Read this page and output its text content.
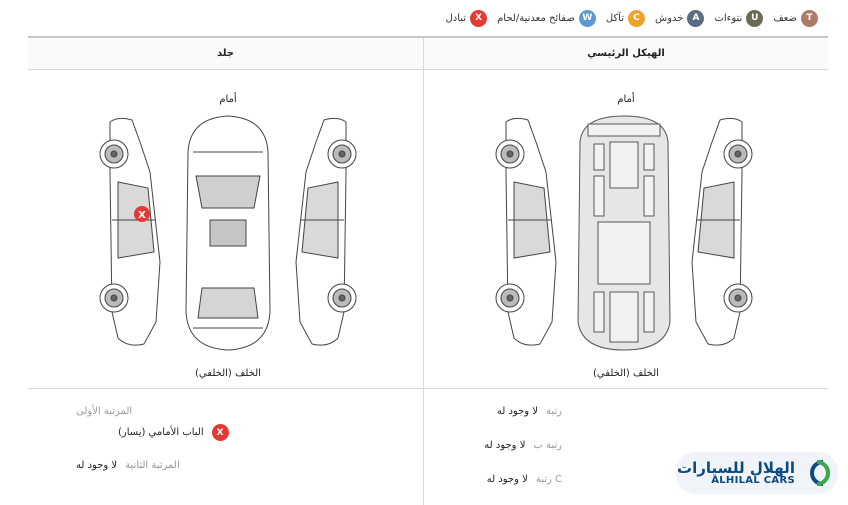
T
ضعف
U
نتوءات
A
خدوش
C
تآكل
W
صفائح معدنية/لحام
X
تبادل
جلد	الهيكل الرئيسي
أمام
X
الخلف (الخلفي)
أمام
الخلف (الخلفي)
المرتبة الأولى
X
الباب الأمامي (يسار)
المرتبة الثانية
لا وجود له
رتبة
لا وجود له
رتبة ب
لا وجود له
رتبة C
لا وجود له
الهلال للسيارات
ALHILAL CARS
